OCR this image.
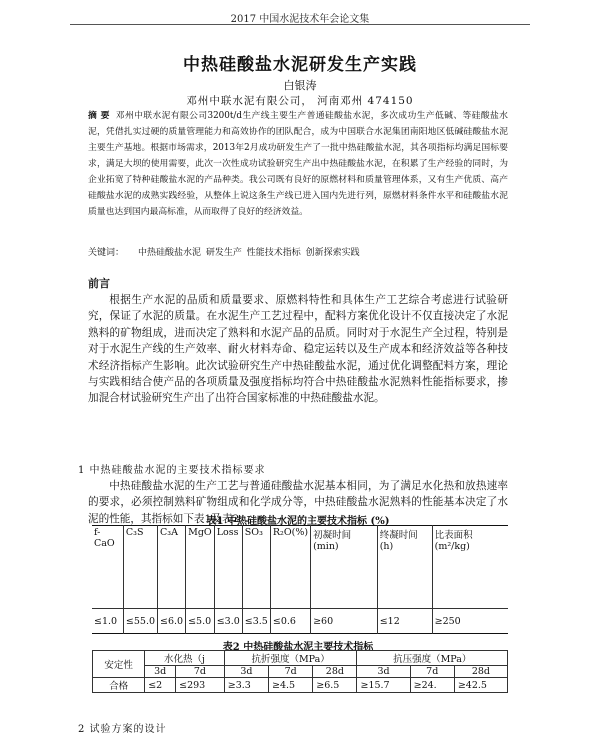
2017 中国水泥技术年会论文集
中热硅酸盐水泥研发生产实践
白银涛
邓州中联水泥有限公司， 河南邓州 474150
摘 要 邓州中联水泥有限公司3200t/d生产线主要生产普通硅酸盐水泥，多次成功生产低碱、等硅酸盐水泥，凭借扎实过硬的质量管理能力和高效协作的团队配合，成为中国联合水泥集团南阳地区低碱硅酸盐水泥主要生产基地。根据市场需求，2013年2月成功研发生产了一批中热硅酸盐水泥，其各项指标均满足国标要求，满足大坝的使用需要，此次一次性成功试验研究生产出中热硅酸盐水泥，在积累了生产经验的同时，为企业拓宽了特种硅酸盐水泥的产品种类。我公司既有良好的原燃材料和质量管理体系，又有生产优质、高产硅酸盐水泥的成熟实践经验，从整体上说这条生产线已进入国内先进行列，原燃材料条件水平和硅酸盐水泥质量也达到国内最高标准，从而取得了良好的经济效益。
关键词： 中热硅酸盐水泥 研发生产 性能技术指标 创新探索实践
前言
根据生产水泥的品质和质量要求、原燃料特性和具体生产工艺综合考虑进行试验研究，保证了水泥的质量。在水泥生产工艺过程中，配料方案优化设计不仅直接决定了水泥熟料的矿物组成，进而决定了熟料和水泥产品的品质。同时对于水泥生产全过程，特别是对于水泥生产线的生产效率、耐火材料寿命、稳定运转以及生产成本和经济效益等各种技术经济指标产生影响。此次试验研究生产中热硅酸盐水泥，通过优化调整配料方案，理论与实践相结合使产品的各项质量及强度指标均符合中热硅酸盐水泥熟料性能指标要求，掺加混合材试验研究生产出了出符合国家标准的中热硅酸盐水泥。
1 中热硅酸盐水泥的主要技术指标要求
中热硅酸盐水泥的生产工艺与普通硅酸盐水泥基本相同，为了满足水化热和放热速率的要求，必须控制熟料矿物组成和化学成分等，中热硅酸盐水泥熟料的性能基本决定了水泥的性能，其指标如下表1及表2。
表1 中热硅酸盐水泥的主要技术指标 (%)
f-CaO	C₃S	C₃A	MgO	Loss	SO₃	R₂O(%)	初凝时间(min)	终凝时间(h)	比表面积(m²/kg)
≤1.0	≤55.0	≤6.0	≤5.0	≤3.0	≤3.5	≤0.6	≥60	≤12	≥250
表2 中热硅酸盐水泥主要技术指标
安定性	水化热（j		抗折强度（MPa）			抗压强度（MPa）		
	3d	7d	3d	7d	28d	3d	7d	28d
合格	≤2	≤293	≥3.3	≥4.5	≥6.5	≥15.7	≥24.	≥42.5
2 试验方案的设计
